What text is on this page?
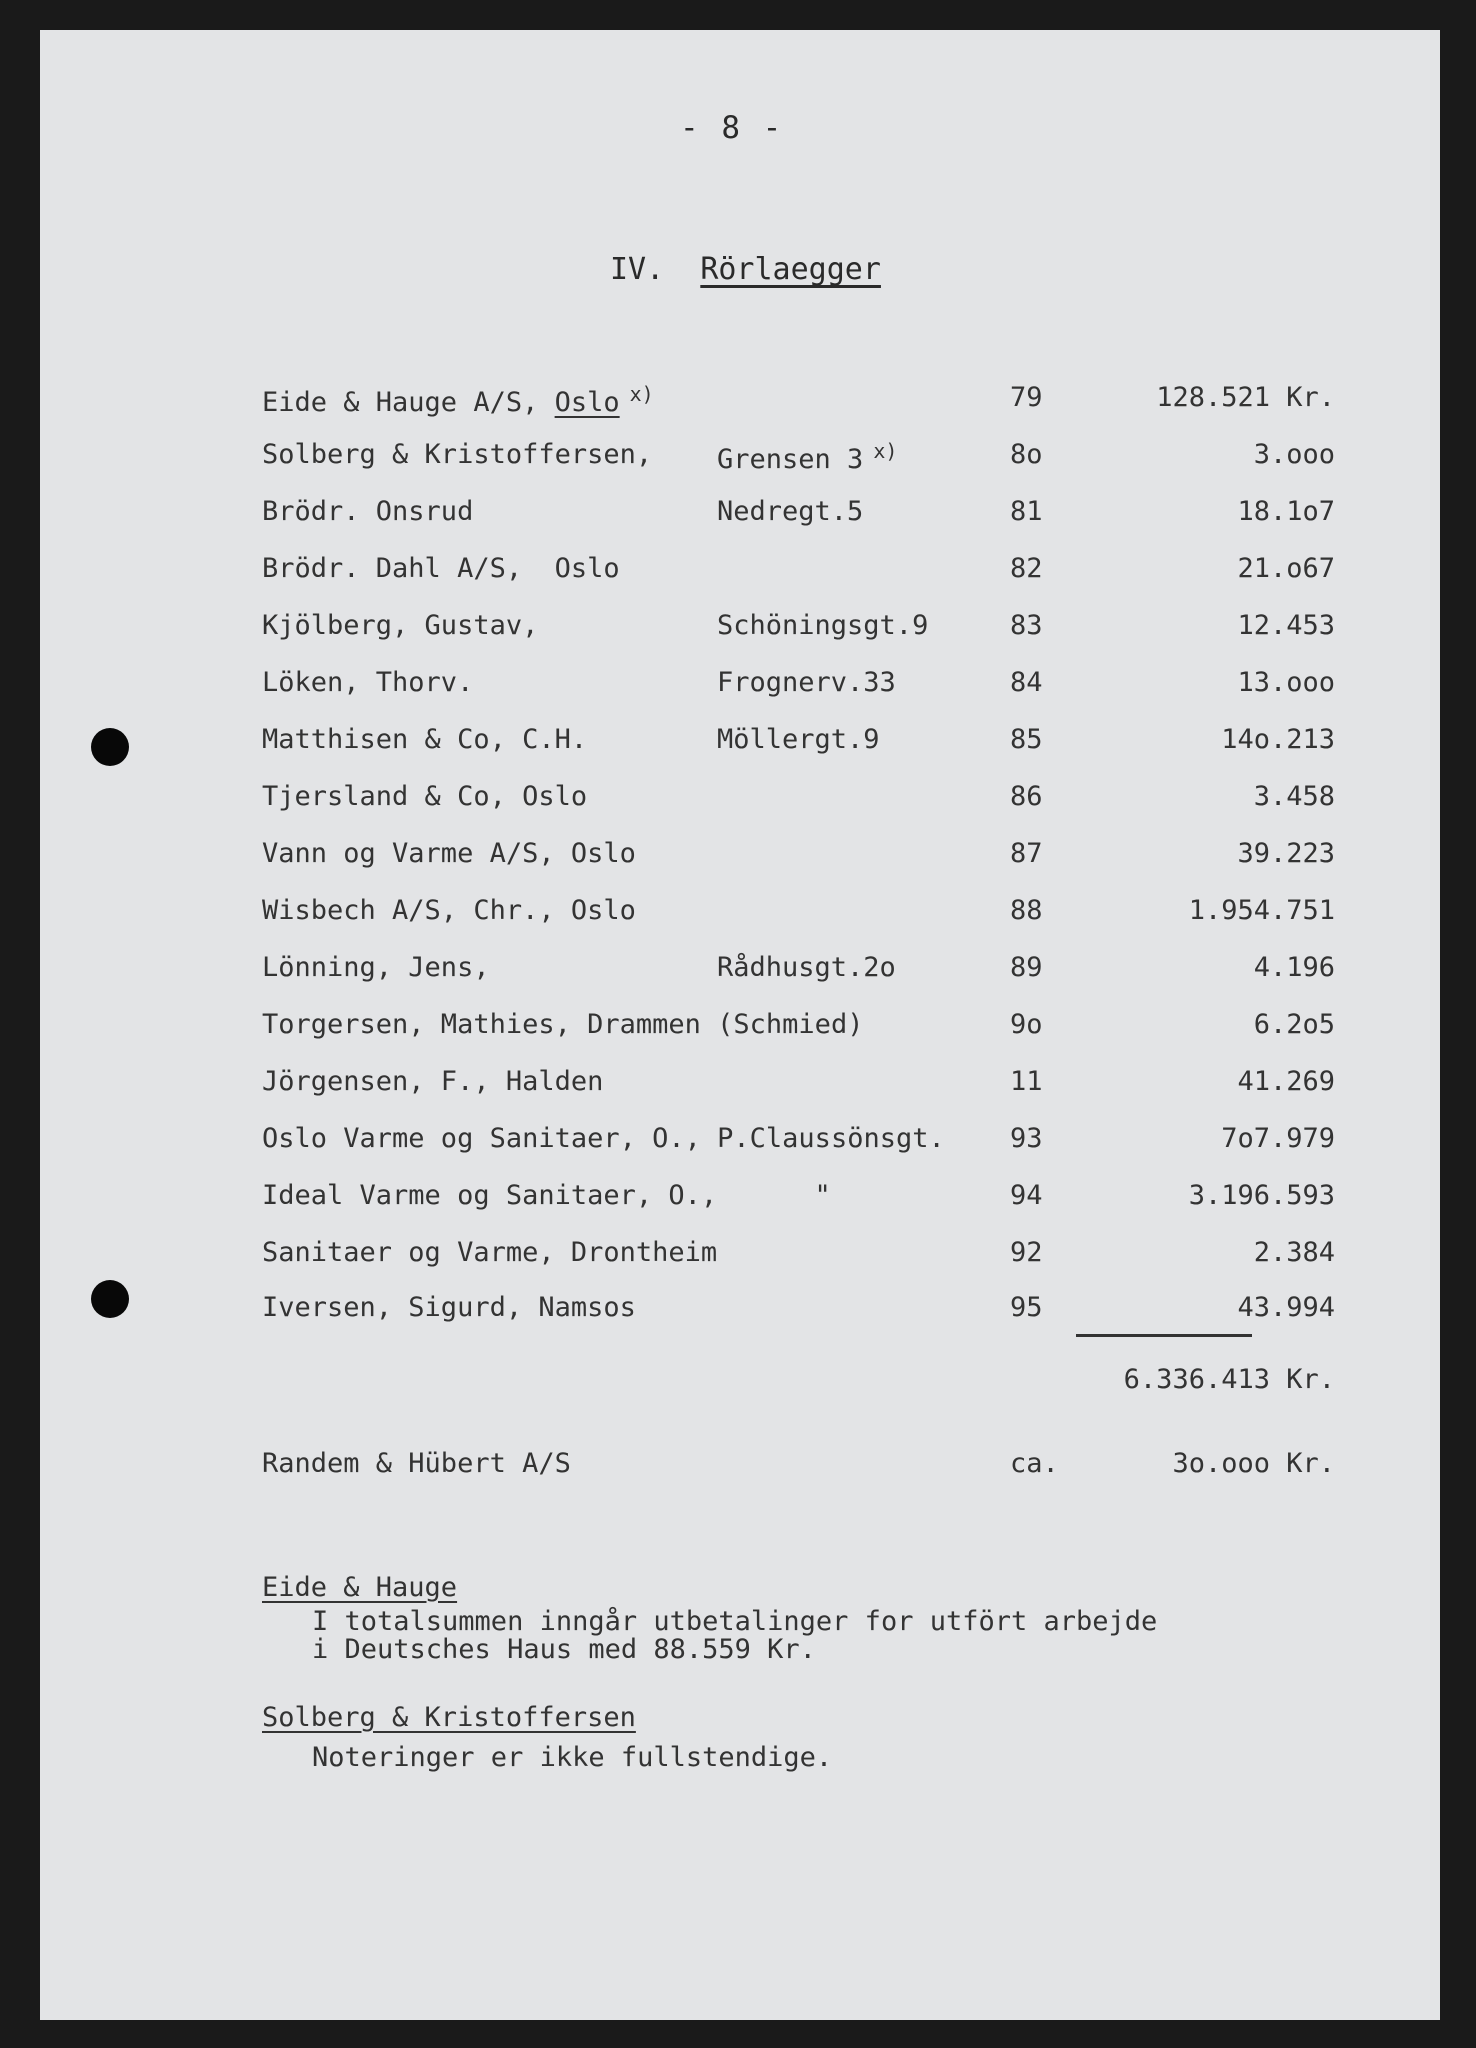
- 8 -
IV. Rörlaegger
Eide & Hauge A/S, Oslo $^{x)}$	79	128.521 Kr.
Solberg & Kristoffersen, Grensen 3 $^{x)}$	8o	3.ooo
Brödr. Onsrud	Nedregt.5	81	18.1o7
Brödr. Dahl A/S,  Oslo	82	21.o67
Kjölberg, Gustav,	Schöningsgt.9	83	12.453
Löken, Thorv.	Frognerv.33	84	13.ooo
Matthisen & Co, C.H.	Möllergt.9	85	14o.213
Tjersland & Co, Oslo	86	3.458
Vann og Varme A/S, Oslo	87	39.223
Wisbech A/S, Chr., Oslo	88	1.954.751
Lönning, Jens,	Rådhusgt.2o	89	4.196
Torgersen, Mathies, Drammen (Schmied)	9o	6.2o5
Jörgensen, F., Halden	11	41.269
Oslo Varme og Sanitaer, O., P.Claussönsgt. 93	7o7.979
Ideal Varme og Sanitaer, O., "	94	3.196.593
Sanitaer og Varme, Drontheim	92	2.384
Iversen, Sigurd, Namsos	95	43.994
6.336.413 Kr.
Randem & Hübert A/S	ca.	3o.ooo Kr.
Eide & Hauge
I totalsummen inngår utbetalinger for utfört arbejde
i Deutsches Haus med 88.559 Kr.
Solberg & Kristoffersen
Noteringer er ikke fullstendige.
